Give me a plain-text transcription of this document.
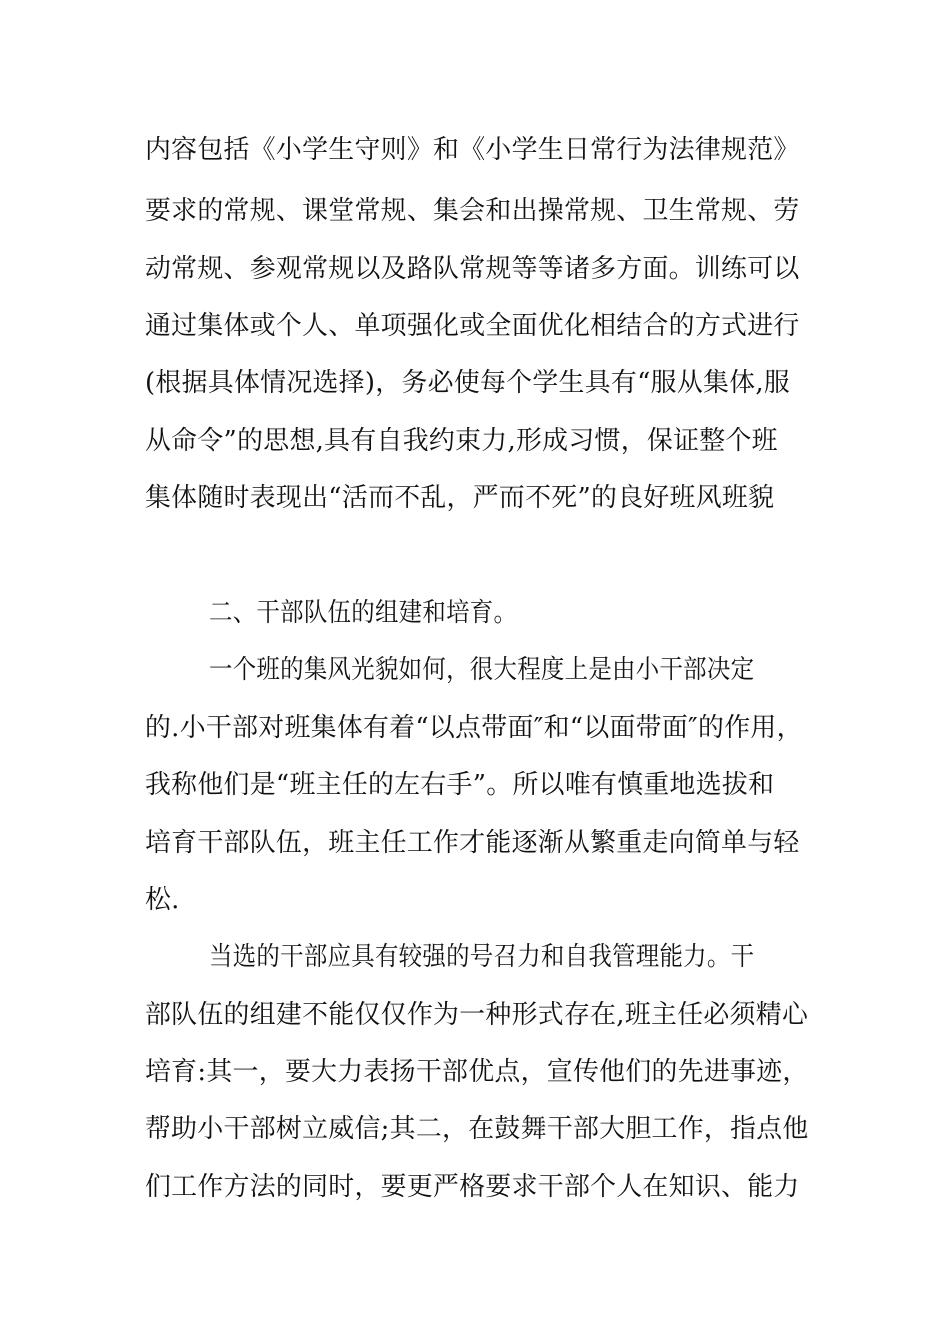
内容包括《小学生守则》和《小学生日常行为法律规范》
要求的常规、课堂常规、集会和出操常规、卫生常规、劳
动常规、参观常规以及路队常规等等诸多方面。训练可以
通过集体或个人、单项强化或全面优化相结合的方式进行
(根据具体情况选择)，务必使每个学生具有“服从集体,服
从命令”的思想,具有自我约束力,形成习惯，保证整个班
集体随时表现出“活而不乱，严而不死”的良好班风班貌
二、干部队伍的组建和培育。
一个班的集风光貌如何，很大程度上是由小干部决定
的.小干部对班集体有着“以点带面″和“以面带面″的作用，
我称他们是“班主任的左右手”。所以唯有慎重地选拔和
培育干部队伍，班主任工作才能逐渐从繁重走向简单与轻
松.
当选的干部应具有较强的号召力和自我管理能力。干
部队伍的组建不能仅仅作为一种形式存在,班主任必须精心
培育:其一，要大力表扬干部优点，宣传他们的先进事迹，
帮助小干部树立威信;其二，在鼓舞干部大胆工作，指点他
们工作方法的同时，要更严格要求干部个人在知识、能力
